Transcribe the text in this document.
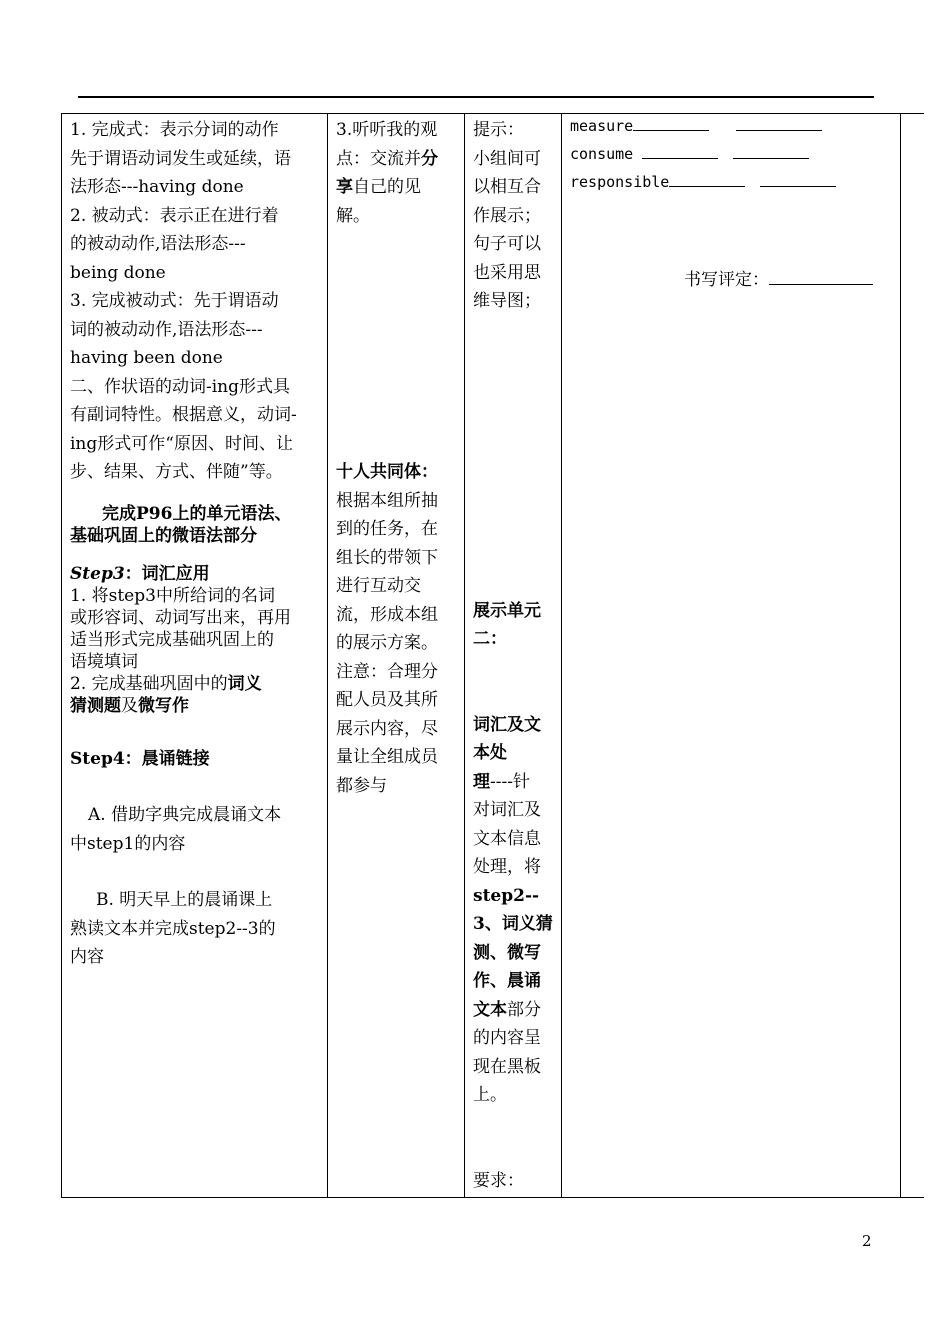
1. 完成式：表示分词的动作
先于谓语动词发生或延续，语
法形态---having done
2. 被动式：表示正在进行着
的被动动作,语法形态---
being done
3. 完成被动式：先于谓语动
词的被动动作,语法形态---
having been done
二、作状语的动词-ing形式具
有副词特性。根据意义，动词-
ing形式可作“原因、时间、让
步、结果、方式、伴随”等。
完成P96上的单元语法、
基础巩固上的微语法部分
Step3：词汇应用
1. 将step3中所给词的名词
或形容词、动词写出来，再用
适当形式完成基础巩固上的
语境填词
2. 完成基础巩固中的词义
猜测题及微写作
Step4：晨诵链接
A. 借助字典完成晨诵文本
中step1的内容
B. 明天早上的晨诵课上
熟读文本并完成step2--3的
内容

3.听听我的观
点：交流并分
享自己的见
解。
十人共同体：
根据本组所抽
到的任务，在
组长的带领下
进行互动交
流，形成本组
的展示方案。
注意：合理分
配人员及其所
展示内容，尽
量让全组成员
都参与

提示：
小组间可
以相互合
作展示；
句子可以
也采用思
维导图；
展示单元
二：
词汇及文
本处
理----针
对词汇及
文本信息
处理，将
step2--
3、词义猜
测、微写
作、晨诵
文本部分
的内容呈
现在黑板
上。
要求：

measure
consume
responsible
书写评定：

2
